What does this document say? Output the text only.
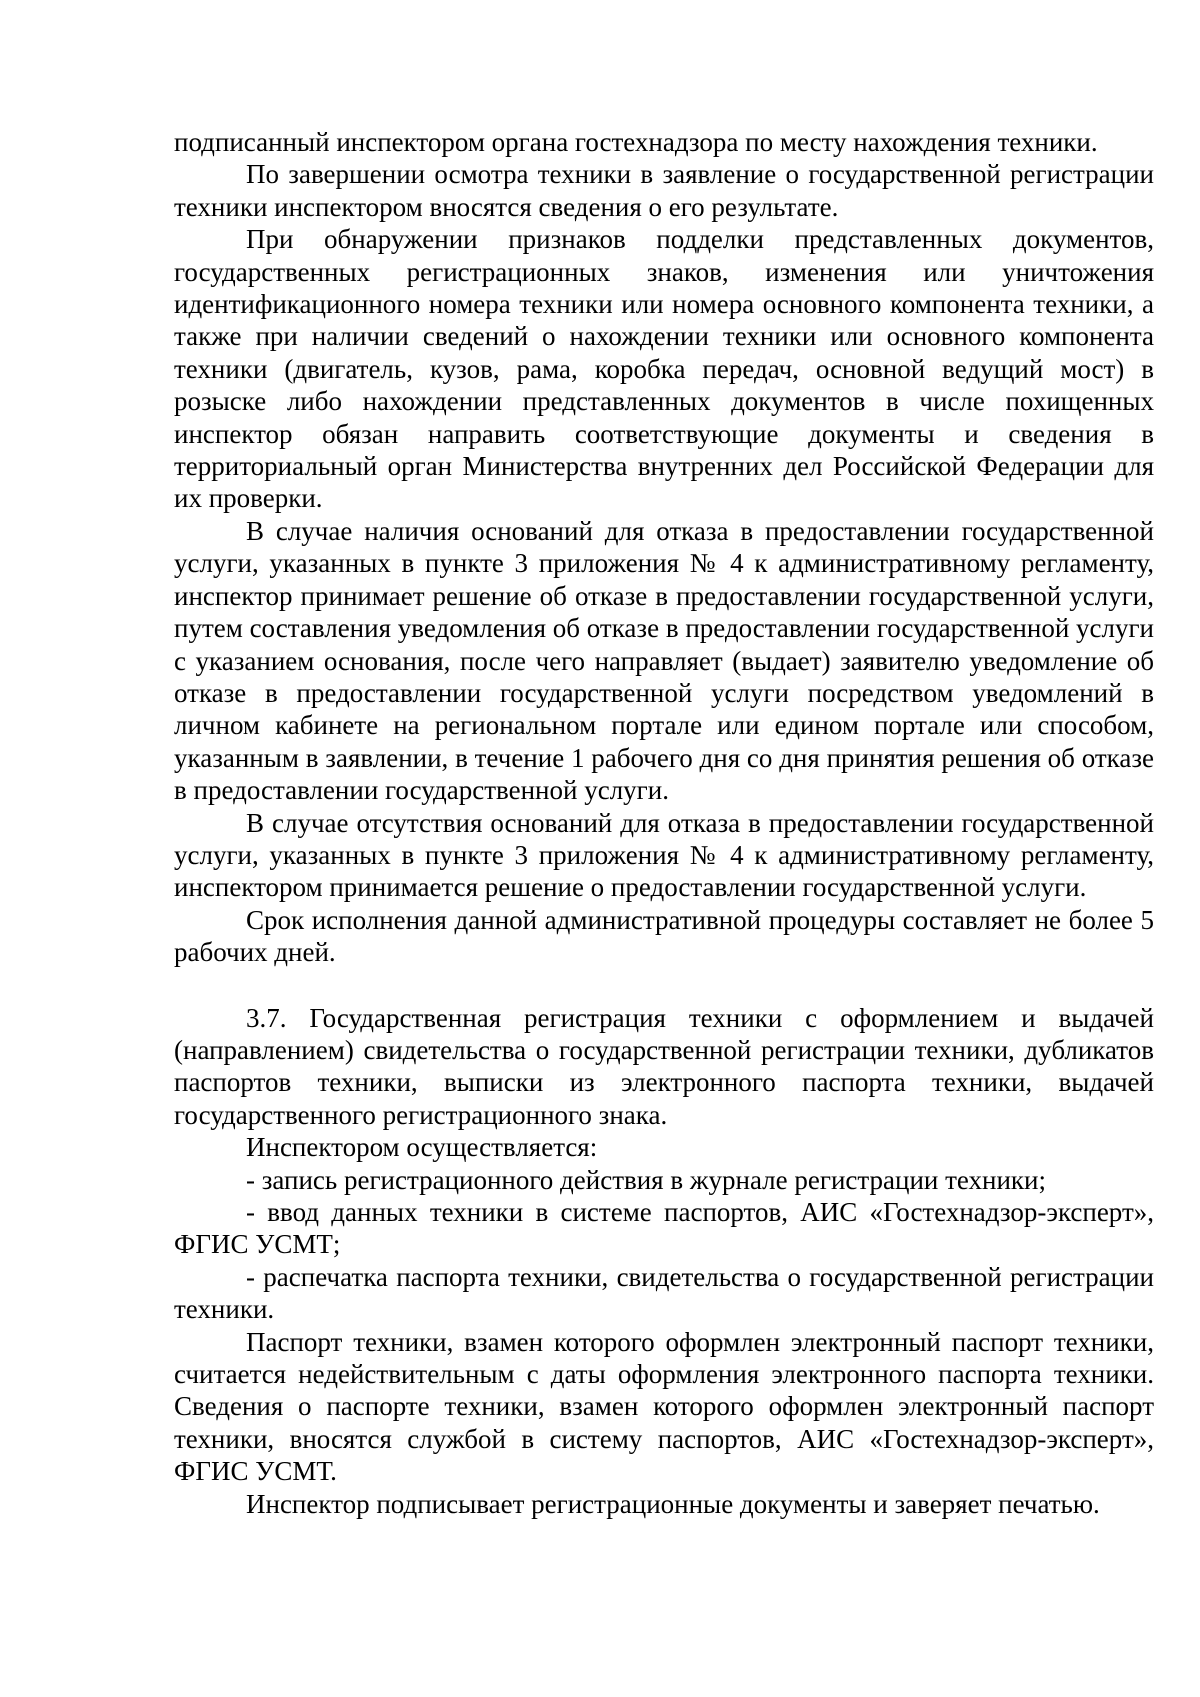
подписанный инспектором органа гостехнадзора по месту нахождения техники.

По завершении осмотра техники в заявление о государственной регистрации техники инспектором вносятся сведения о его результате.

При обнаружении признаков подделки представленных документов, государственных регистрационных знаков, изменения или уничтожения идентификационного номера техники или номера основного компонента техники, а также при наличии сведений о нахождении техники или основного компонента техники (двигатель, кузов, рама, коробка передач, основной ведущий мост) в розыске либо нахождении представленных документов в числе похищенных инспектор обязан направить соответствующие документы и сведения в территориальный орган Министерства внутренних дел Российской Федерации для их проверки.

В случае наличия оснований для отказа в предоставлении государственной услуги, указанных в пункте 3 приложения № 4 к административному регламенту, инспектор принимает решение об отказе в предоставлении государственной услуги, путем составления уведомления об отказе в предоставлении государственной услуги с указанием основания, после чего направляет (выдает) заявителю уведомление об отказе в предоставлении государственной услуги посредством уведомлений в личном кабинете на региональном портале или едином портале или способом, указанным в заявлении, в течение 1 рабочего дня со дня принятия решения об отказе в предоставлении государственной услуги.

В случае отсутствия оснований для отказа в предоставлении государственной услуги, указанных в пункте 3 приложения № 4 к административному регламенту, инспектором принимается решение о предоставлении государственной услуги.

Срок исполнения данной административной процедуры составляет не более 5 рабочих дней.

3.7. Государственная регистрация техники с оформлением и выдачей (направлением) свидетельства о государственной регистрации техники, дубликатов паспортов техники, выписки из электронного паспорта техники, выдачей государственного регистрационного знака.

Инспектором осуществляется:

- запись регистрационного действия в журнале регистрации техники;

- ввод данных техники в системе паспортов, АИС «Гостехнадзор-эксперт», ФГИС УСМТ;

- распечатка паспорта техники, свидетельства о государственной регистрации техники.

Паспорт техники, взамен которого оформлен электронный паспорт техники, считается недействительным с даты оформления электронного паспорта техники. Сведения о паспорте техники, взамен которого оформлен электронный паспорт техники, вносятся службой в систему паспортов, АИС «Гостехнадзор-эксперт», ФГИС УСМТ.

Инспектор подписывает регистрационные документы и заверяет печатью.
